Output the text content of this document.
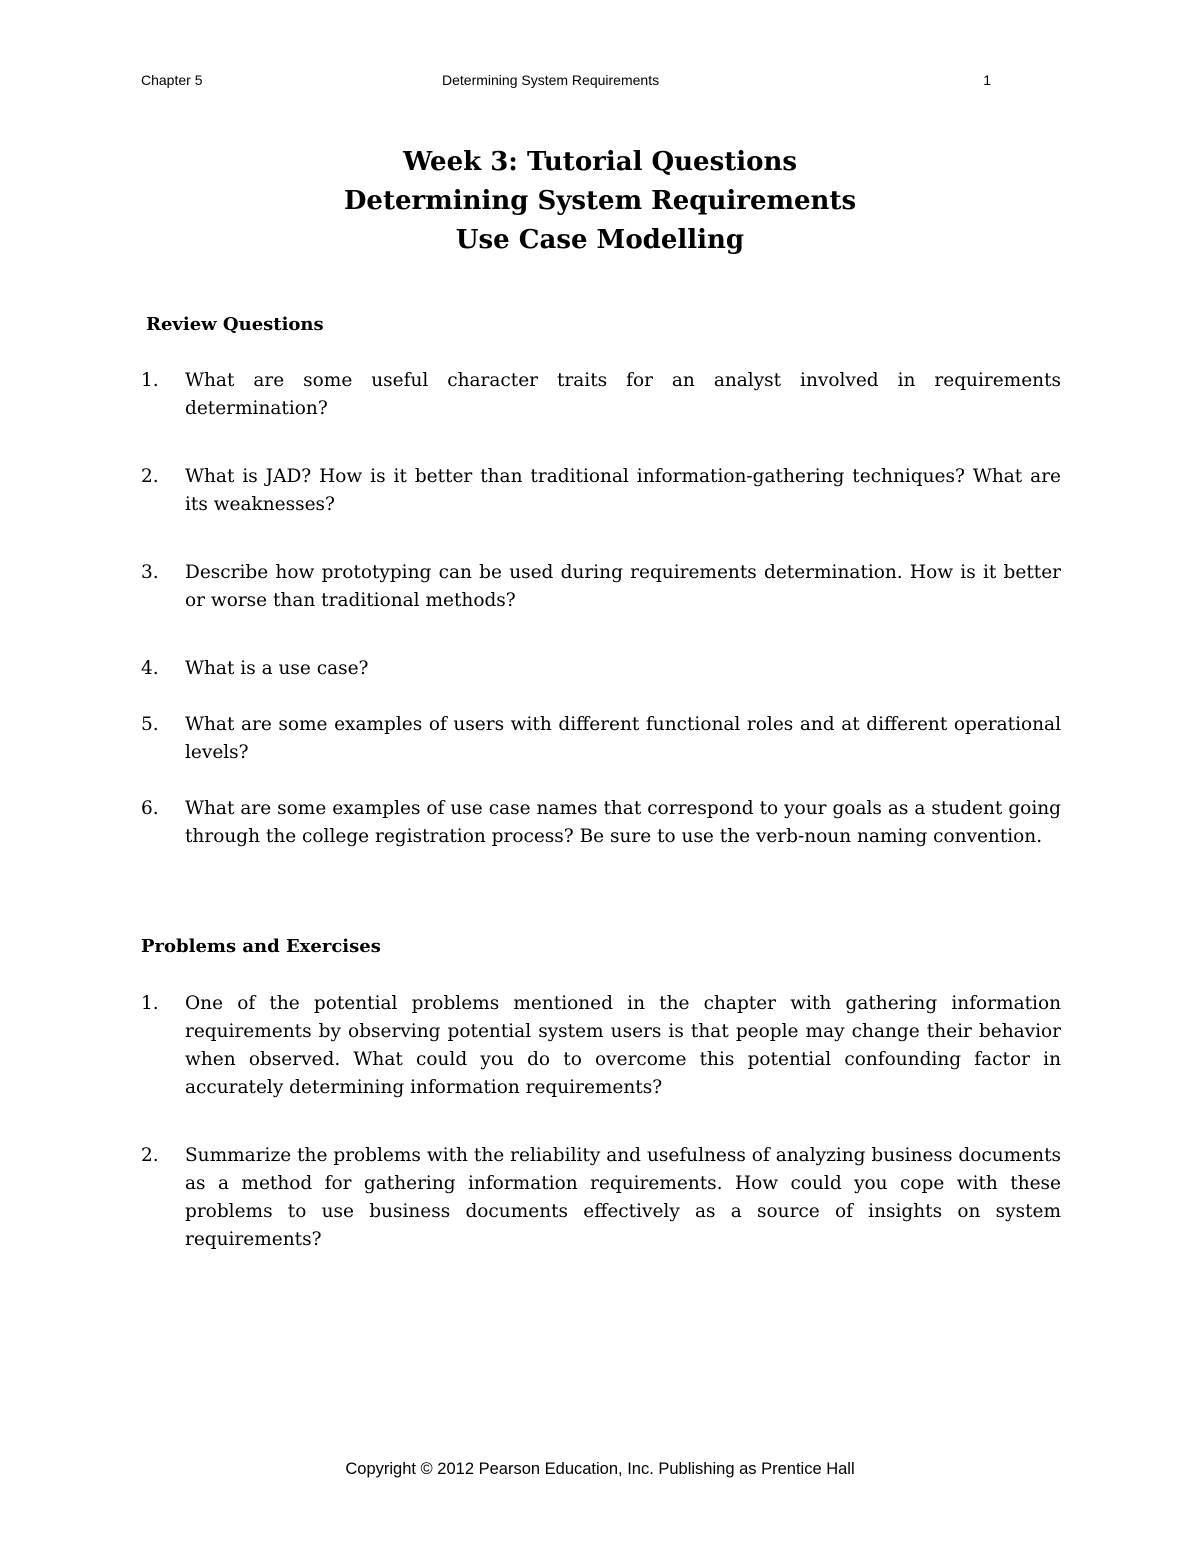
Chapter 5	Determining System Requirements	1
Week 3: Tutorial Questions
Determining System Requirements
Use Case Modelling
Review Questions
1. What are some useful character traits for an analyst involved in requirements determination?
2. What is JAD? How is it better than traditional information-gathering techniques? What are its weaknesses?
3. Describe how prototyping can be used during requirements determination. How is it better or worse than traditional methods?
4. What is a use case?
5. What are some examples of users with different functional roles and at different operational levels?
6. What are some examples of use case names that correspond to your goals as a student going through the college registration process? Be sure to use the verb-noun naming convention.
Problems and Exercises
1. One of the potential problems mentioned in the chapter with gathering information requirements by observing potential system users is that people may change their behavior when observed. What could you do to overcome this potential confounding factor in accurately determining information requirements?
2. Summarize the problems with the reliability and usefulness of analyzing business documents as a method for gathering information requirements. How could you cope with these problems to use business documents effectively as a source of insights on system requirements?
Copyright © 2012 Pearson Education, Inc. Publishing as Prentice Hall
